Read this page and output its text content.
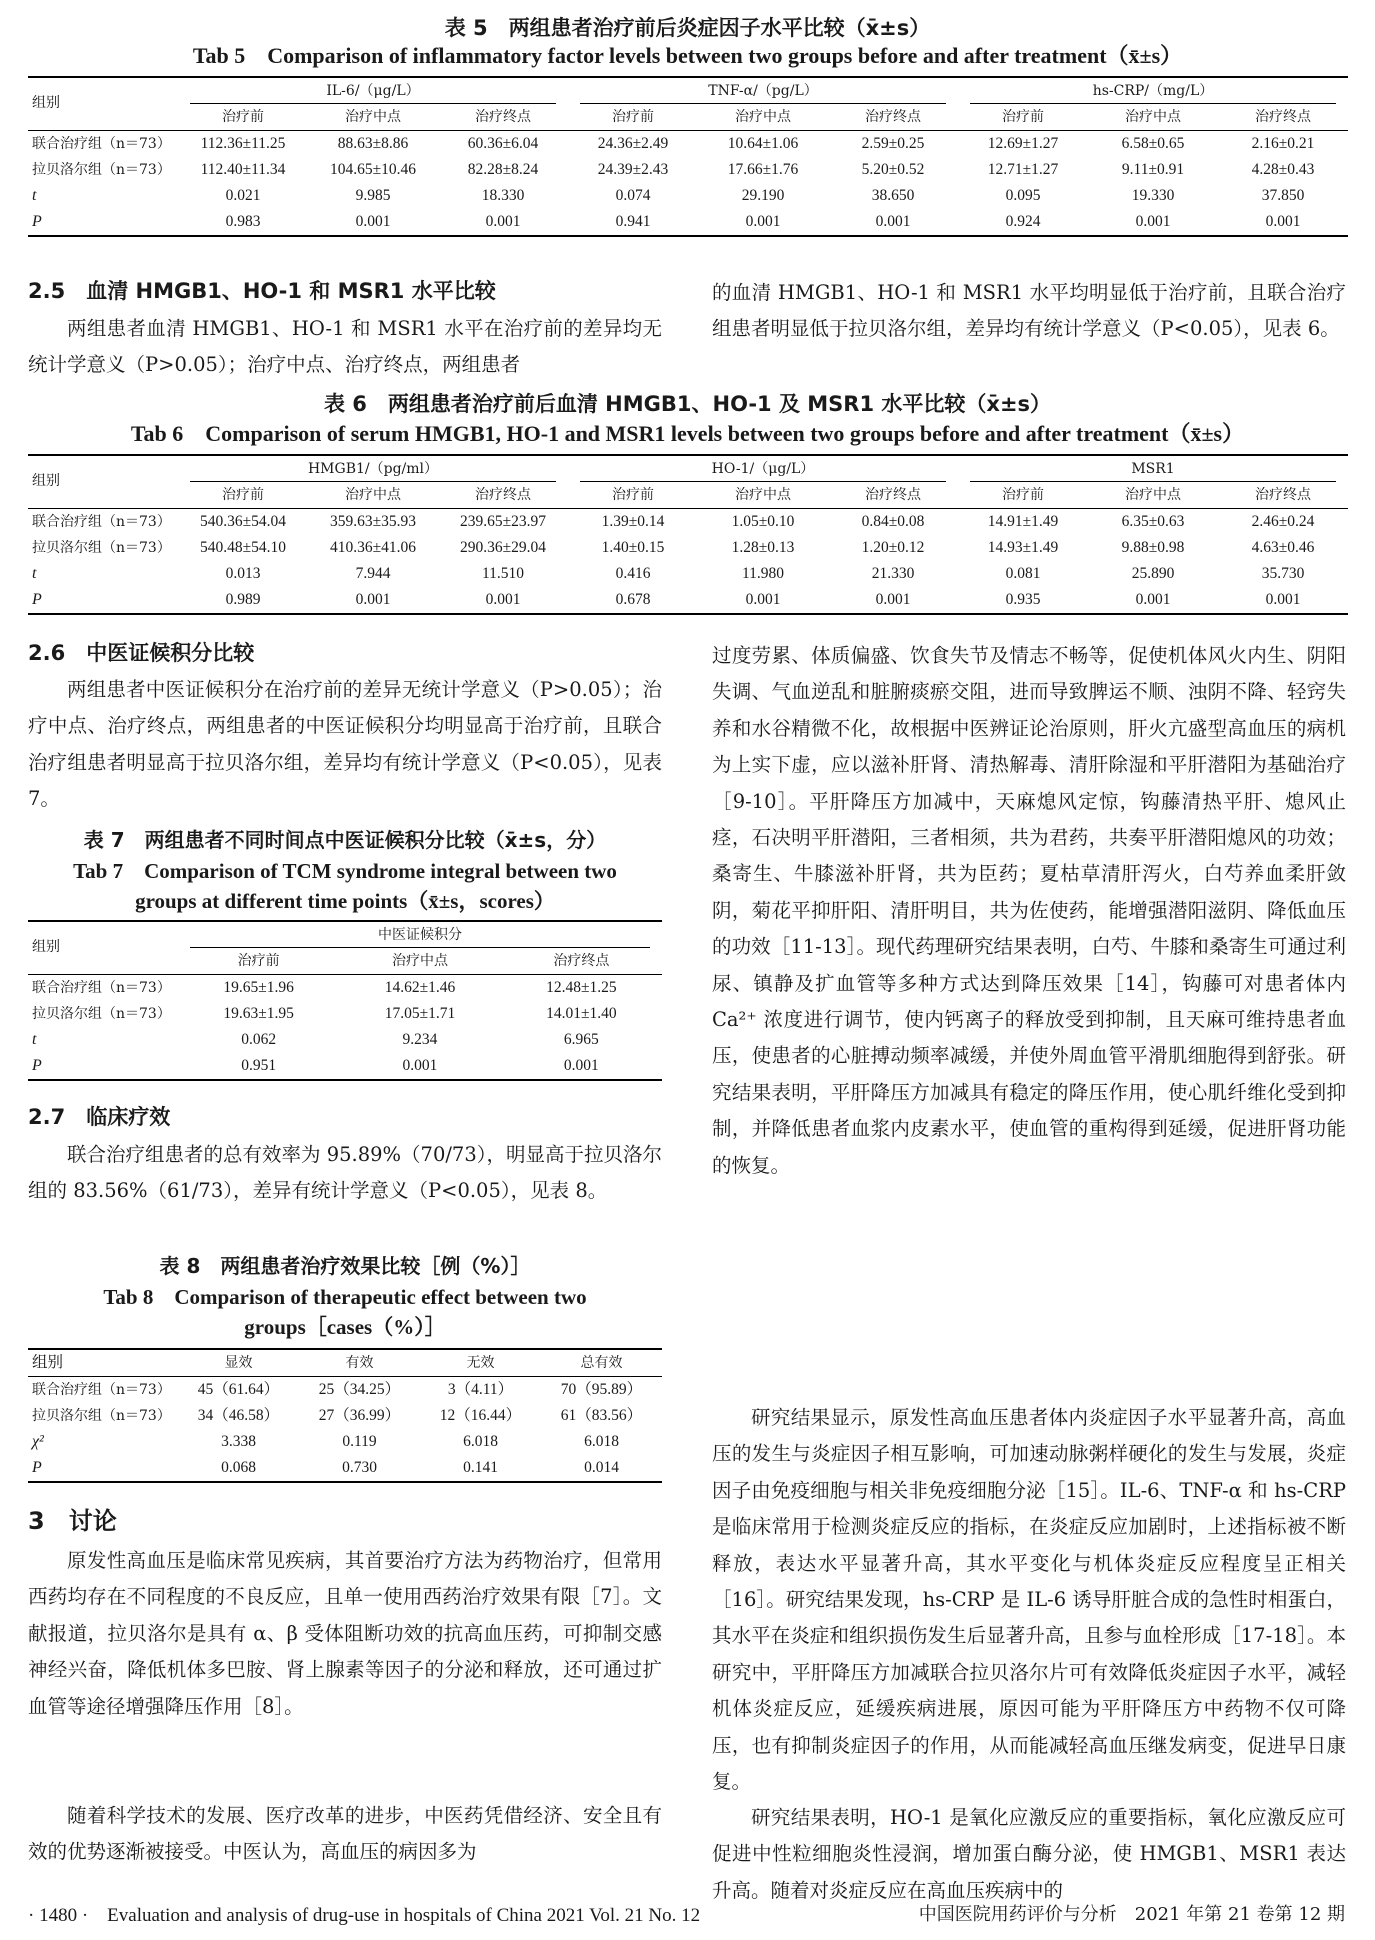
表 5　两组患者治疗前后炎症因子水平比较（x̄±s）
Tab 5　Comparison of inflammatory factor levels between two groups before and after treatment（x̄±s）
组别	IL-6/（μg/L）			TNF-α/（pg/L）			hs-CRP/（mg/L）		

	治疗前	治疗中点	治疗终点	治疗前	治疗中点	治疗终点	治疗前	治疗中点	治疗终点
联合治疗组（n＝73）	112.36±11.25	88.63±8.86	60.36±6.04	24.36±2.49	10.64±1.06	2.59±0.25	12.69±1.27	6.58±0.65	2.16±0.21
拉贝洛尔组（n＝73）	112.40±11.34	104.65±10.46	82.28±8.24	24.39±2.43	17.66±1.76	5.20±0.52	12.71±1.27	9.11±0.91	4.28±0.43
t	0.021	9.985	18.330	0.074	29.190	38.650	0.095	19.330	37.850
P	0.983	0.001	0.001	0.941	0.001	0.001	0.924	0.001	0.001
2.5　血清 HMGB1、HO-1 和 MSR1 水平比较

两组患者血清 HMGB1、HO-1 和 MSR1 水平在治疗前的差异均无统计学意义（P>0.05）；治疗中点、治疗终点，两组患者

的血清 HMGB1、HO-1 和 MSR1 水平均明显低于治疗前，且联合治疗组患者明显低于拉贝洛尔组，差异均有统计学意义（P<0.05），见表 6。

表 6　两组患者治疗前后血清 HMGB1、HO-1 及 MSR1 水平比较（x̄±s）
Tab 6　Comparison of serum HMGB1, HO-1 and MSR1 levels between two groups before and after treatment（x̄±s）
组别	HMGB1/（pg/ml）			HO-1/（μg/L）			MSR1		

	治疗前	治疗中点	治疗终点	治疗前	治疗中点	治疗终点	治疗前	治疗中点	治疗终点
联合治疗组（n＝73）	540.36±54.04	359.63±35.93	239.65±23.97	1.39±0.14	1.05±0.10	0.84±0.08	14.91±1.49	6.35±0.63	2.46±0.24
拉贝洛尔组（n＝73）	540.48±54.10	410.36±41.06	290.36±29.04	1.40±0.15	1.28±0.13	1.20±0.12	14.93±1.49	9.88±0.98	4.63±0.46
t	0.013	7.944	11.510	0.416	11.980	21.330	0.081	25.890	35.730
P	0.989	0.001	0.001	0.678	0.001	0.001	0.935	0.001	0.001
2.6　中医证候积分比较

两组患者中医证候积分在治疗前的差异无统计学意义（P>0.05）；治疗中点、治疗终点，两组患者的中医证候积分均明显高于治疗前，且联合治疗组患者明显高于拉贝洛尔组，差异均有统计学意义（P<0.05），见表 7。

表 7　两组患者不同时间点中医证候积分比较（x̄±s，分）
Tab 7　Comparison of TCM syndrome integral between two
groups at different time points（x̄±s，scores）
组别	中医证候积分		

	治疗前	治疗中点	治疗终点
联合治疗组（n＝73）	19.65±1.96	14.62±1.46	12.48±1.25
拉贝洛尔组（n＝73）	19.63±1.95	17.05±1.71	14.01±1.40
t	0.062	9.234	6.965
P	0.951	0.001	0.001
2.7　临床疗效

联合治疗组患者的总有效率为 95.89%（70/73），明显高于拉贝洛尔组的 83.56%（61/73），差异有统计学意义（P<0.05），见表 8。

表 8　两组患者治疗效果比较［例（%）］
Tab 8　Comparison of therapeutic effect between two
groups［cases（%）］
组别	显效	有效	无效	总有效
联合治疗组（n＝73）	45（61.64）	25（34.25）	3（4.11）	70（95.89）
拉贝洛尔组（n＝73）	34（46.58）	27（36.99）	12（16.44）	61（83.56）
χ²	3.338	0.119	6.018	6.018
P	0.068	0.730	0.141	0.014
3　讨论

原发性高血压是临床常见疾病，其首要治疗方法为药物治疗，但常用西药均存在不同程度的不良反应，且单一使用西药治疗效果有限［7］。文献报道，拉贝洛尔是具有 α、β 受体阻断功效的抗高血压药，可抑制交感神经兴奋，降低机体多巴胺、肾上腺素等因子的分泌和释放，还可通过扩血管等途径增强降压作用［8］。

随着科学技术的发展、医疗改革的进步，中医药凭借经济、安全且有效的优势逐渐被接受。中医认为，高血压的病因多为

过度劳累、体质偏盛、饮食失节及情志不畅等，促使机体风火内生、阴阳失调、气血逆乱和脏腑痰瘀交阻，进而导致脾运不顺、浊阴不降、轻窍失养和水谷精微不化，故根据中医辨证论治原则，肝火亢盛型高血压的病机为上实下虚，应以滋补肝肾、清热解毒、清肝除湿和平肝潜阳为基础治疗［9-10］。平肝降压方加减中，天麻熄风定惊，钩藤清热平肝、熄风止痉，石决明平肝潜阳，三者相须，共为君药，共奏平肝潜阳熄风的功效；桑寄生、牛膝滋补肝肾，共为臣药；夏枯草清肝泻火，白芍养血柔肝敛阴，菊花平抑肝阳、清肝明目，共为佐使药，能增强潜阳滋阴、降低血压的功效［11-13］。现代药理研究结果表明，白芍、牛膝和桑寄生可通过利尿、镇静及扩血管等多种方式达到降压效果［14］，钩藤可对患者体内 Ca²⁺ 浓度进行调节，使内钙离子的释放受到抑制，且天麻可维持患者血压，使患者的心脏搏动频率减缓，并使外周血管平滑肌细胞得到舒张。研究结果表明，平肝降压方加减具有稳定的降压作用，使心肌纤维化受到抑制，并降低患者血浆内皮素水平，使血管的重构得到延缓，促进肝肾功能的恢复。

研究结果显示，原发性高血压患者体内炎症因子水平显著升高，高血压的发生与炎症因子相互影响，可加速动脉粥样硬化的发生与发展，炎症因子由免疫细胞与相关非免疫细胞分泌［15］。IL-6、TNF-α 和 hs-CRP 是临床常用于检测炎症反应的指标，在炎症反应加剧时，上述指标被不断释放，表达水平显著升高，其水平变化与机体炎症反应程度呈正相关［16］。研究结果发现，hs-CRP 是 IL-6 诱导肝脏合成的急性时相蛋白，其水平在炎症和组织损伤发生后显著升高，且参与血栓形成［17-18］。本研究中，平肝降压方加减联合拉贝洛尔片可有效降低炎症因子水平，减轻机体炎症反应，延缓疾病进展，原因可能为平肝降压方中药物不仅可降压，也有抑制炎症因子的作用，从而能减轻高血压继发病变，促进早日康复。

研究结果表明，HO-1 是氧化应激反应的重要指标，氧化应激反应可促进中性粒细胞炎性浸润，增加蛋白酶分泌，使 HMGB1、MSR1 表达升高。随着对炎症反应在高血压疾病中的

· 1480 ·　Evaluation and analysis of drug-use in hospitals of China 2021 Vol. 21 No. 12	中国医院用药评价与分析　2021 年第 21 卷第 12 期
